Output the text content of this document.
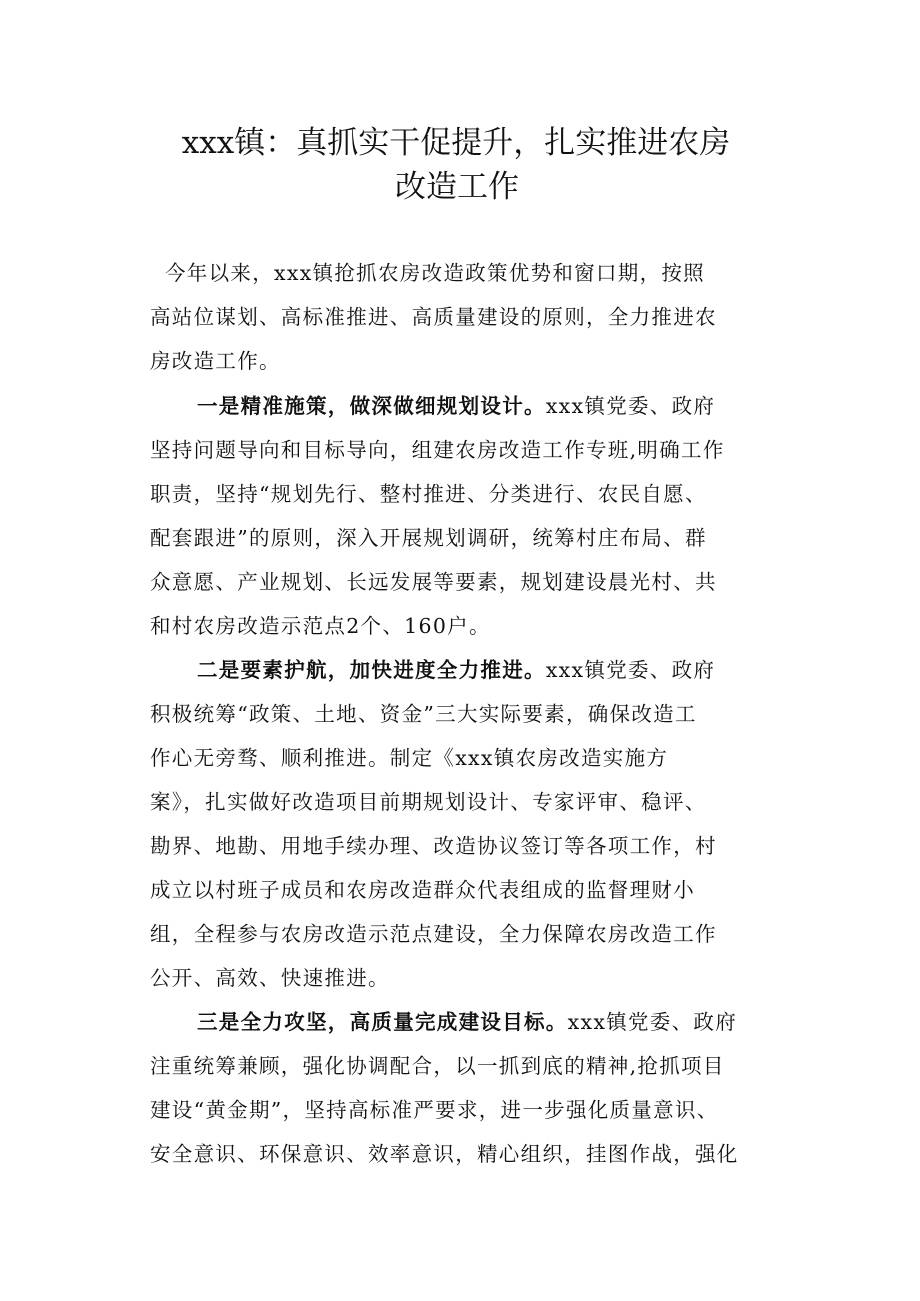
xxx镇：真抓实干促提升，扎实推进农房
改造工作
今年以来，xxx镇抢抓农房改造政策优势和窗口期，按照
高站位谋划、高标准推进、高质量建设的原则，全力推进农
房改造工作。
一是精准施策，做深做细规划设计。xxx镇党委、政府
坚持问题导向和目标导向，组建农房改造工作专班,明确工作
职责，坚持“规划先行、整村推进、分类进行、农民自愿、
配套跟进”的原则，深入开展规划调研，统筹村庄布局、群
众意愿、产业规划、长远发展等要素，规划建设晨光村、共
和村农房改造示范点2个、160户。
二是要素护航，加快进度全力推进。xxx镇党委、政府
积极统筹“政策、土地、资金”三大实际要素，确保改造工
作心无旁骛、顺利推进。制定《xxx镇农房改造实施方
案》，扎实做好改造项目前期规划设计、专家评审、稳评、
勘界、地勘、用地手续办理、改造协议签订等各项工作，村
成立以村班子成员和农房改造群众代表组成的监督理财小
组，全程参与农房改造示范点建设，全力保障农房改造工作
公开、高效、快速推进。
三是全力攻坚，高质量完成建设目标。xxx镇党委、政府
注重统筹兼顾，强化协调配合，以一抓到底的精神,抢抓项目
建设“黄金期”，坚持高标准严要求，进一步强化质量意识、
安全意识、环保意识、效率意识，精心组织，挂图作战，强化
